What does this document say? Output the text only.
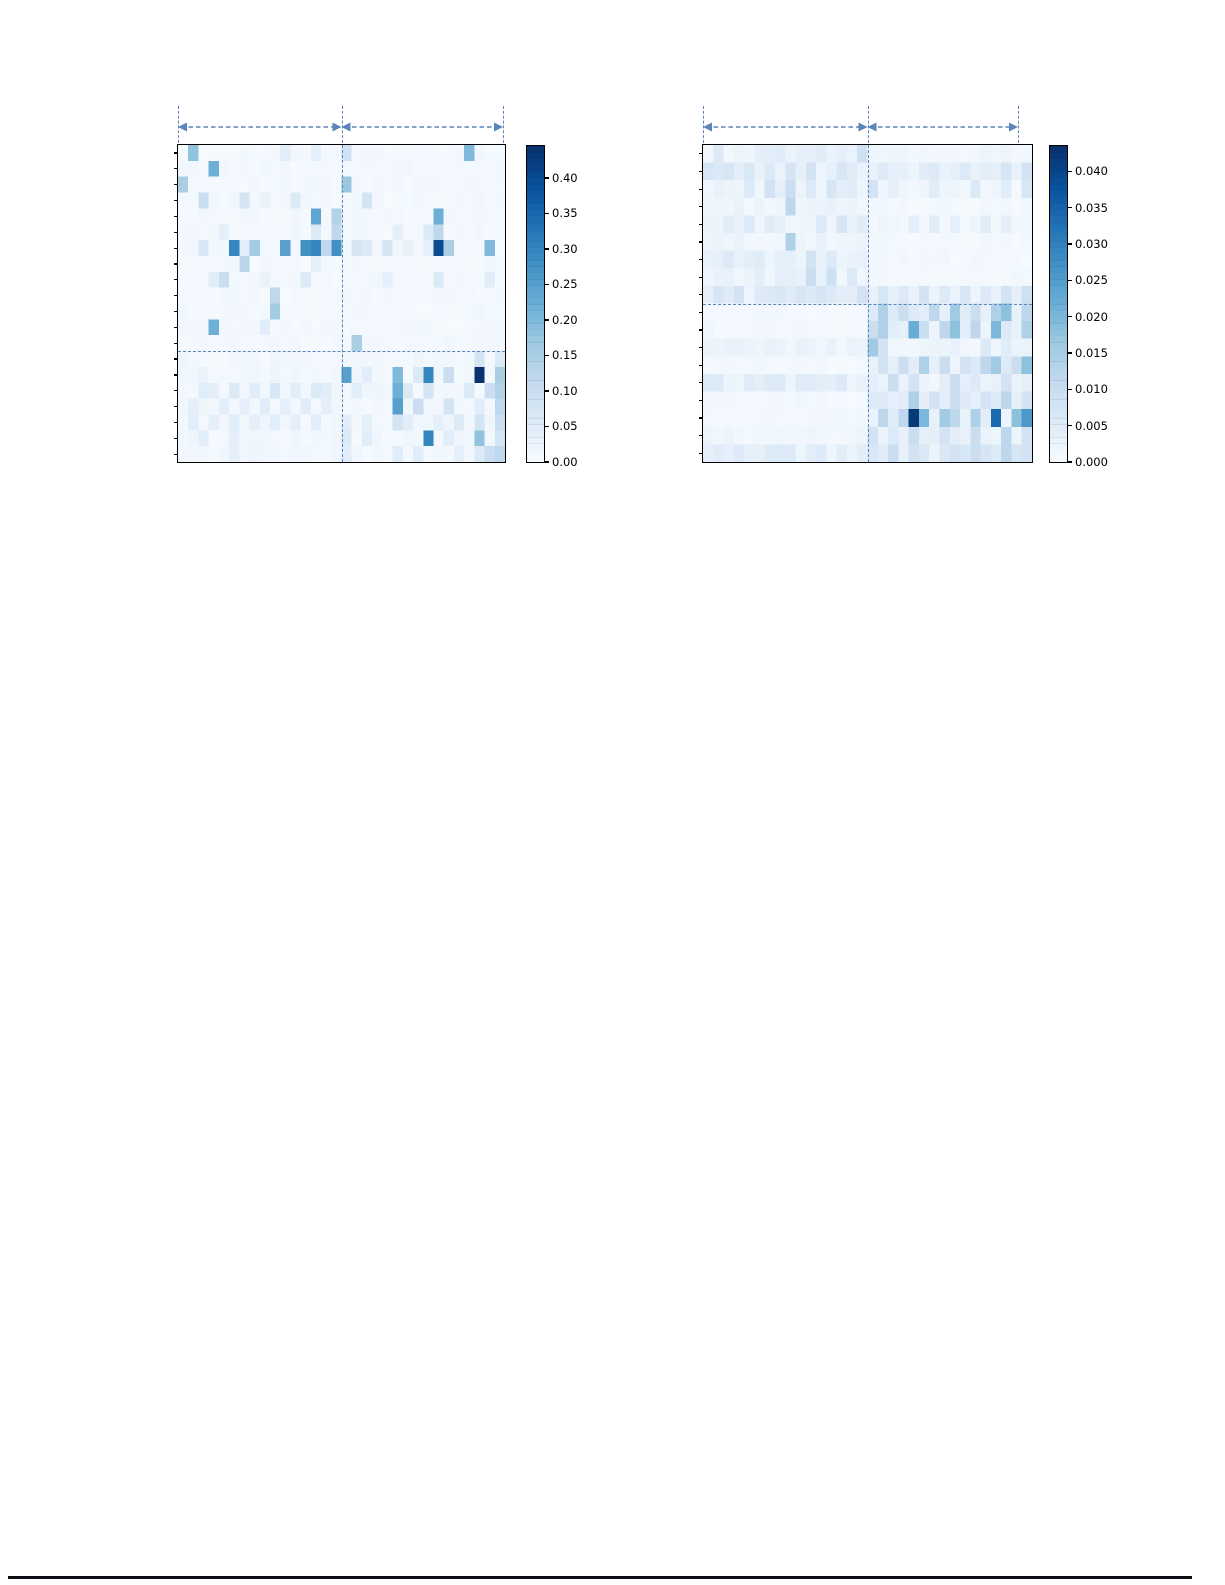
0.00
0.05
0.10
0.15
0.20
0.25
0.30
0.35
0.40
0.000
0.005
0.010
0.015
0.020
0.025
0.030
0.035
0.040
